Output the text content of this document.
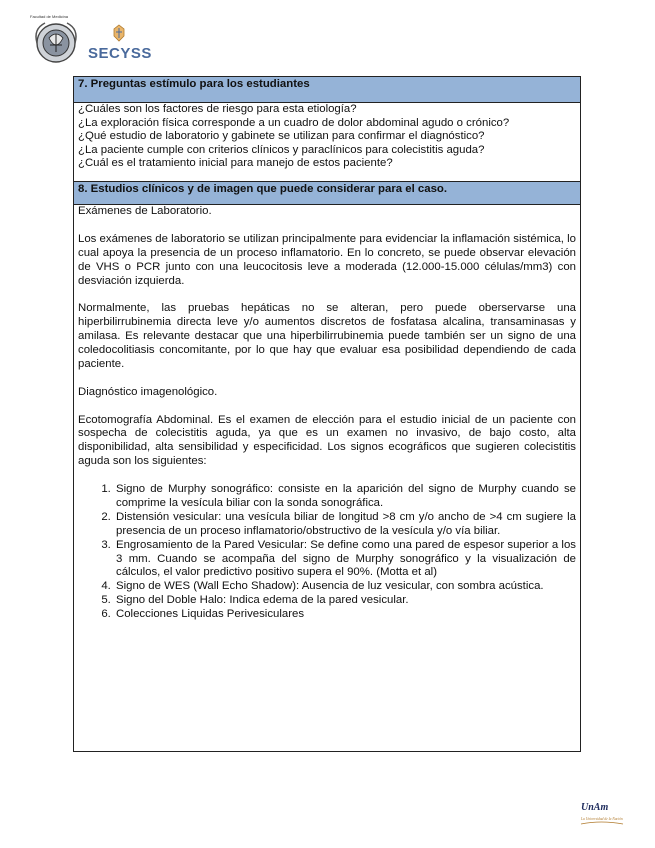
Facultad de Medicina
SECYSS
7. Preguntas estímulo para los estudiantes

¿Cuáles son los factores de riesgo para esta etiología?
¿La exploración física corresponde a un cuadro de dolor abdominal agudo o crónico?
¿Qué estudio de laboratorio y gabinete se utilizan para confirmar el diagnóstico?
¿La paciente cumple con criterios clínicos y paraclínicos para colecistitis aguda?
¿Cuál es el tratamiento inicial para manejo de estos paciente?

8. Estudios clínicos y de imagen que puede considerar para el caso.

Exámenes de Laboratorio.

Los exámenes de laboratorio se utilizan principalmente para evidenciar la inflamación sistémica, lo cual apoya la presencia de un proceso inflamatorio. En lo concreto, se puede observar elevación de VHS o PCR junto con una leucocitosis leve a moderada (12.000-15.000 células/mm3) con desviación izquierda.

Normalmente, las pruebas hepáticas no se alteran, pero puede oberservarse una hiperbilirrubinemia directa leve y/o aumentos discretos de fosfatasa alcalina, transaminasas y amilasa. Es relevante destacar que una hiperbilirrubinemia puede también ser un signo de una coledocolitiasis concomitante, por lo que hay que evaluar esa posibilidad dependiendo de cada paciente.

Diagnóstico imagenológico.

Ecotomografía Abdominal. Es el examen de elección para el estudio inicial de un paciente con sospecha de colecistitis aguda, ya que es un examen no invasivo, de bajo costo, alta disponibilidad, alta sensibilidad y especificidad. Los signos ecográficos que sugieren colecistitis aguda son los siguientes:

1. Signo de Murphy sonográfico: consiste en la aparición del signo de Murphy cuando se comprime la vesícula biliar con la sonda sonográfica.
2. Distensión vesicular: una vesícula biliar de longitud >8 cm y/o ancho de >4 cm sugiere la presencia de un proceso inflamatorio/obstructivo de la vesícula y/o vía biliar.
3. Engrosamiento de la Pared Vesicular: Se define como una pared de espesor superior a los 3 mm. Cuando se acompaña del signo de Murphy sonográfico y la visualización de cálculos, el valor predictivo positivo supera el 90%. (Motta et al)
4. Signo de WES (Wall Echo Shadow): Ausencia de luz vesicular, con sombra acústica.
5. Signo del Doble Halo: Indica edema de la pared vesicular.
6. Colecciones Liquidas Perivesiculares
UnAm
La Universidad de la Nación
